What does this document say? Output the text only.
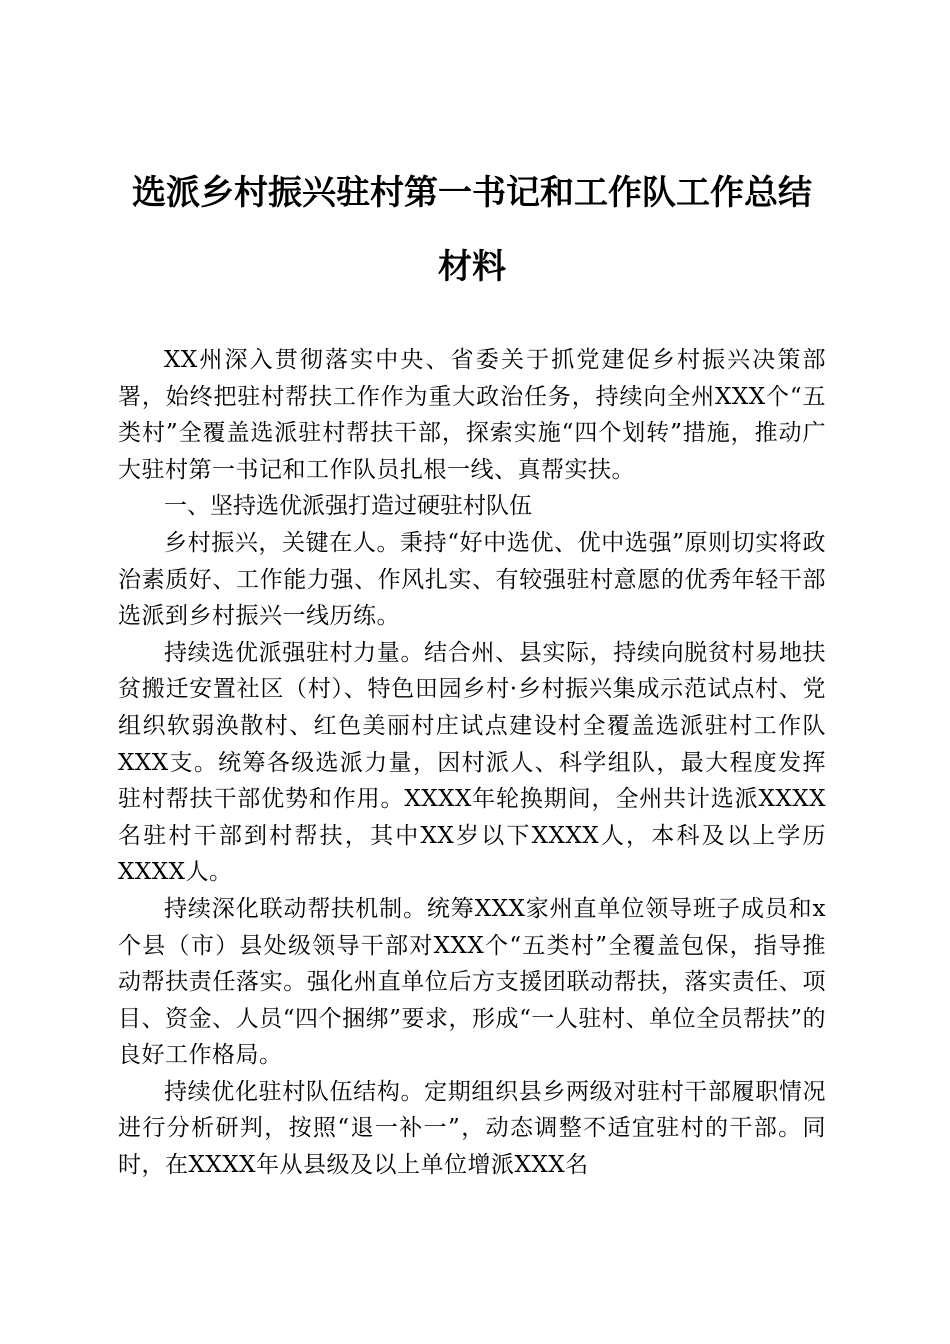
选派乡村振兴驻村第一书记和工作队工作总结
材料

XX州深入贯彻落实中央、省委关于抓党建促乡村振兴决策部署，始终把驻村帮扶工作作为重大政治任务，持续向全州XXX个“五类村”全覆盖选派驻村帮扶干部，探索实施“四个划转”措施，推动广大驻村第一书记和工作队员扎根一线、真帮实扶。

一、坚持选优派强打造过硬驻村队伍

乡村振兴，关键在人。秉持“好中选优、优中选强”原则切实将政治素质好、工作能力强、作风扎实、有较强驻村意愿的优秀年轻干部选派到乡村振兴一线历练。

持续选优派强驻村力量。结合州、县实际，持续向脱贫村易地扶贫搬迁安置社区（村）、特色田园乡村·乡村振兴集成示范试点村、党组织软弱涣散村、红色美丽村庄试点建设村全覆盖选派驻村工作队XXX支。统筹各级选派力量，因村派人、科学组队，最大程度发挥驻村帮扶干部优势和作用。XXXX年轮换期间，全州共计选派XXXX名驻村干部到村帮扶，其中XX岁以下XXXX人，本科及以上学历XXXX人。

持续深化联动帮扶机制。统筹XXX家州直单位领导班子成员和x个县（市）县处级领导干部对XXX个“五类村”全覆盖包保，指导推动帮扶责任落实。强化州直单位后方支援团联动帮扶，落实责任、项目、资金、人员“四个捆绑”要求，形成“一人驻村、单位全员帮扶”的良好工作格局。

持续优化驻村队伍结构。定期组织县乡两级对驻村干部履职情况进行分析研判，按照“退一补一”，动态调整不适宜驻村的干部。同时，在XXXX年从县级及以上单位增派XXX名
